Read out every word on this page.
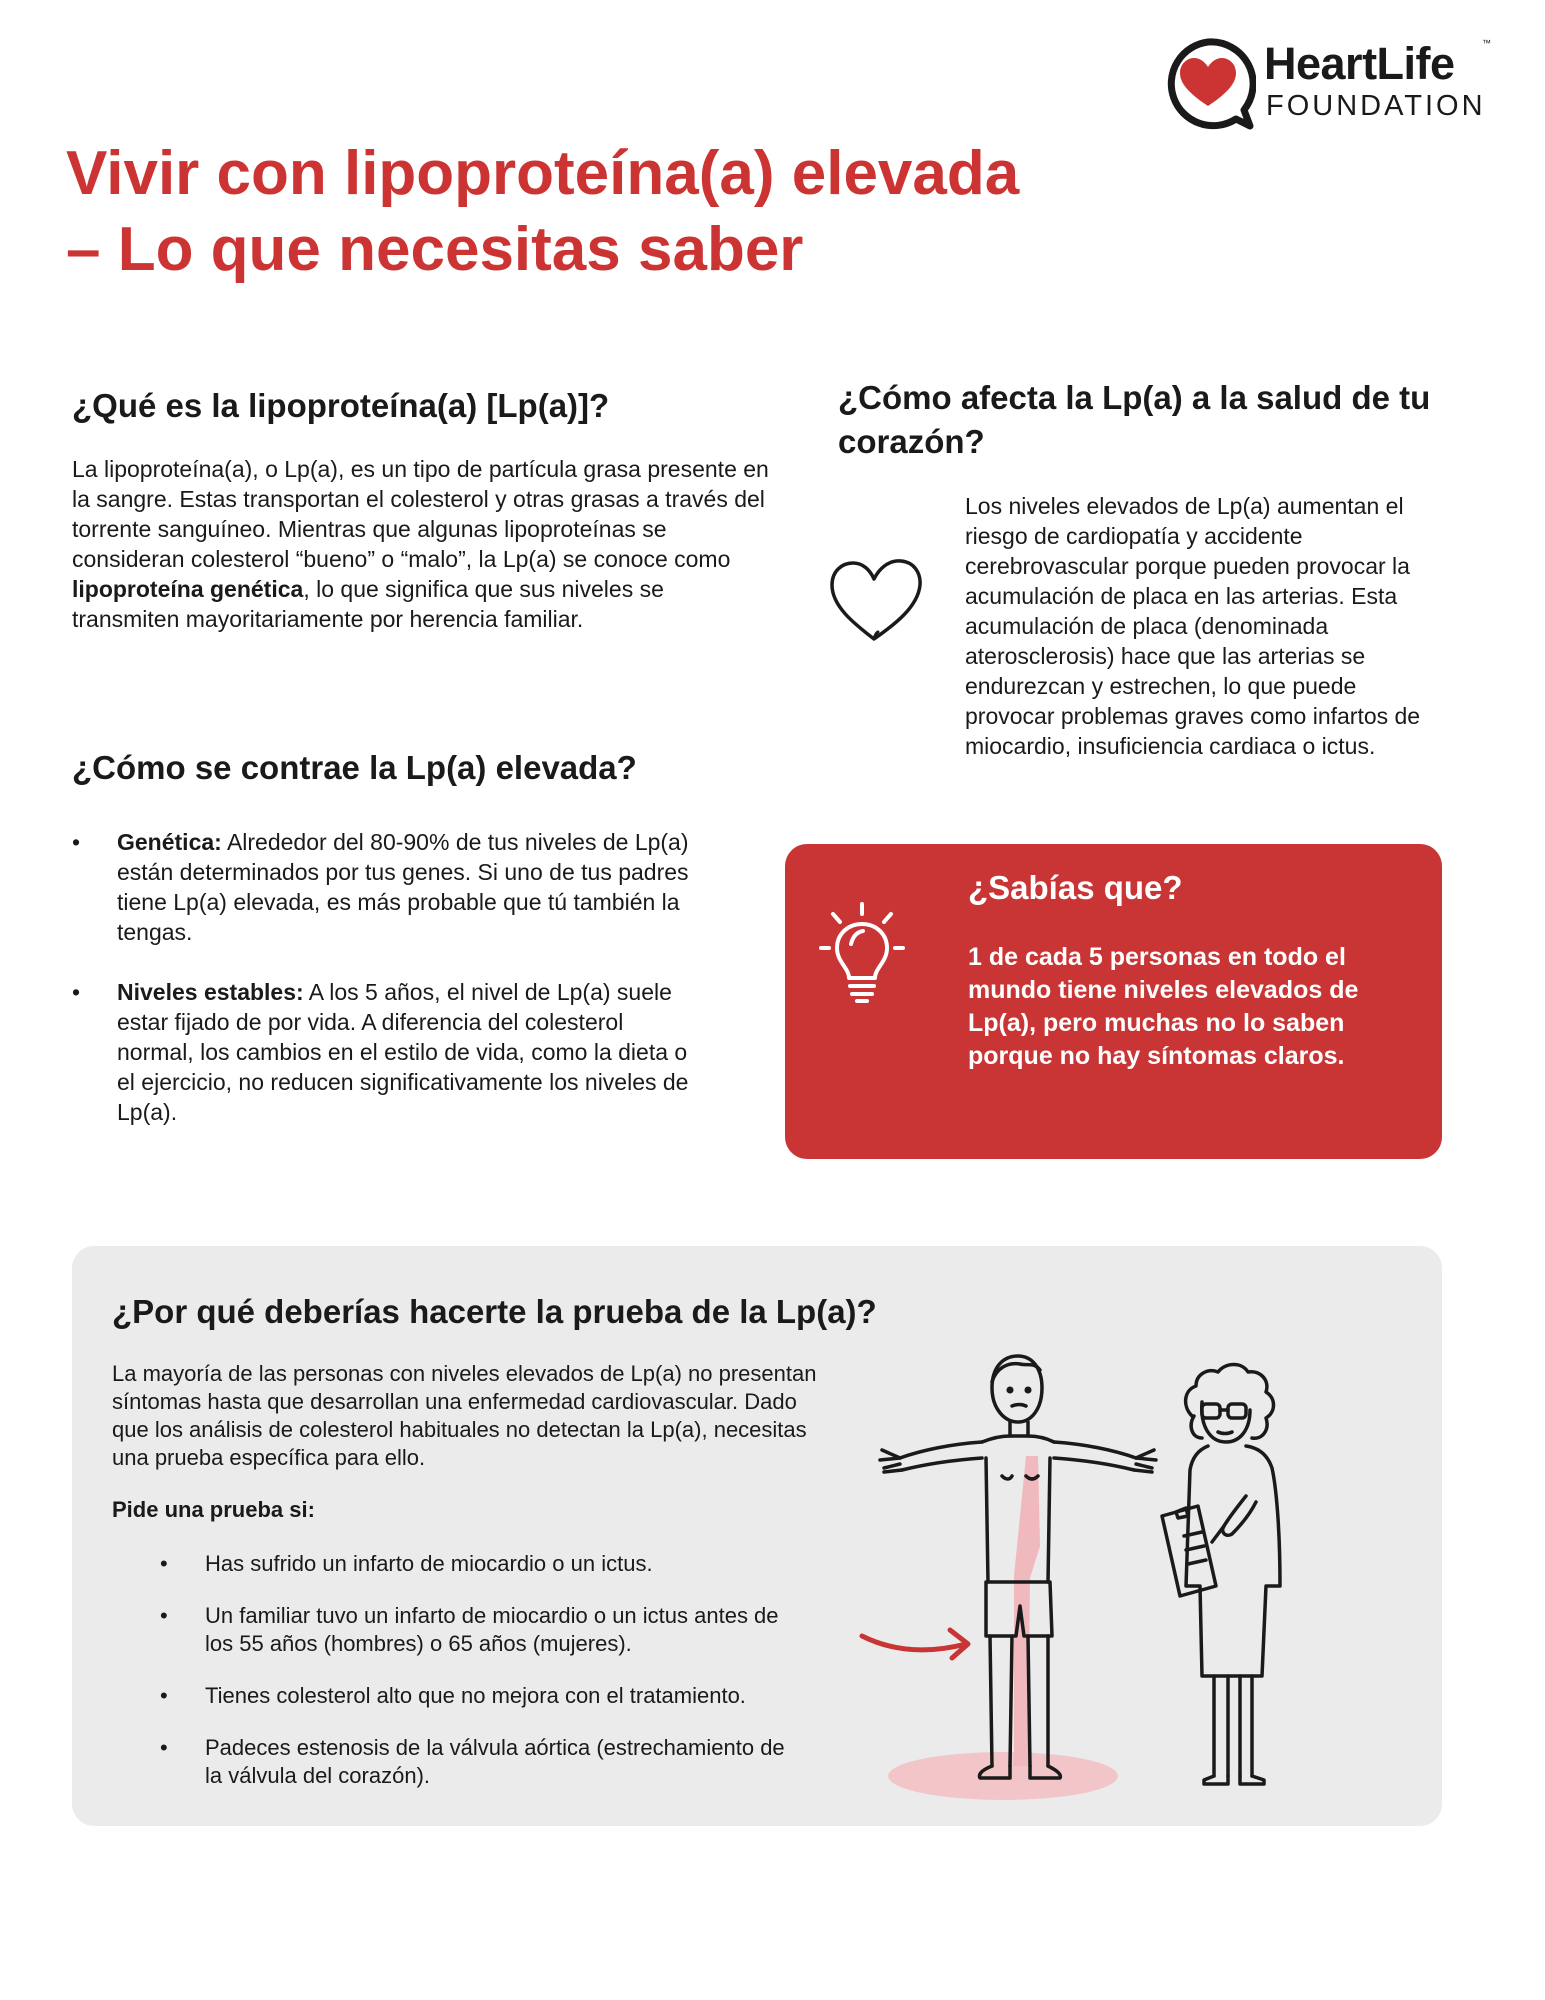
HeartLife	™
FOUNDATION
Vivir con lipoproteína(a) elevada
– Lo que necesitas saber
¿Qué es la lipoproteína(a) [Lp(a)]?

La lipoproteína(a), o Lp(a), es un tipo de partícula grasa presente en la sangre. Estas transportan el colesterol y otras grasas a través del torrente sanguíneo. Mientras que algunas lipoproteínas se consideran colesterol “bueno” o “malo”, la Lp(a) se conoce como lipoproteína genética, lo que significa que sus niveles se transmiten mayoritariamente por herencia familiar.

¿Cómo se contrae la Lp(a) elevada?
• Genética: Alrededor del 80-90% de tus niveles de Lp(a) están determinados por tus genes. Si uno de tus padres tiene Lp(a) elevada, es más probable que tú también la tengas.
• Niveles estables: A los 5 años, el nivel de Lp(a) suele estar fijado de por vida. A diferencia del colesterol normal, los cambios en el estilo de vida, como la dieta o el ejercicio, no reducen significativamente los niveles de Lp(a).
¿Cómo afecta la Lp(a) a la salud de tu corazón?

Los niveles elevados de Lp(a) aumentan el riesgo de cardiopatía y accidente cerebrovascular porque pueden provocar la acumulación de placa en las arterias. Esta acumulación de placa (denominada aterosclerosis) hace que las arterias se endurezcan y estrechen, lo que puede provocar problemas graves como infartos de miocardio, insuficiencia cardiaca o ictus.

¿Sabías que?
1 de cada 5 personas en todo el mundo tiene niveles elevados de Lp(a), pero muchas no lo saben porque no hay síntomas claros.
¿Por qué deberías hacerte la prueba de la Lp(a)?

La mayoría de las personas con niveles elevados de Lp(a) no presentan síntomas hasta que desarrollan una enfermedad cardiovascular. Dado que los análisis de colesterol habituales no detectan la Lp(a), necesitas una prueba específica para ello.

Pide una prueba si:

• Has sufrido un infarto de miocardio o un ictus.
• Un familiar tuvo un infarto de miocardio o un ictus antes de los 55 años (hombres) o 65 años (mujeres).
• Tienes colesterol alto que no mejora con el tratamiento.
• Padeces estenosis de la válvula aórtica (estrechamiento de la válvula del corazón).
